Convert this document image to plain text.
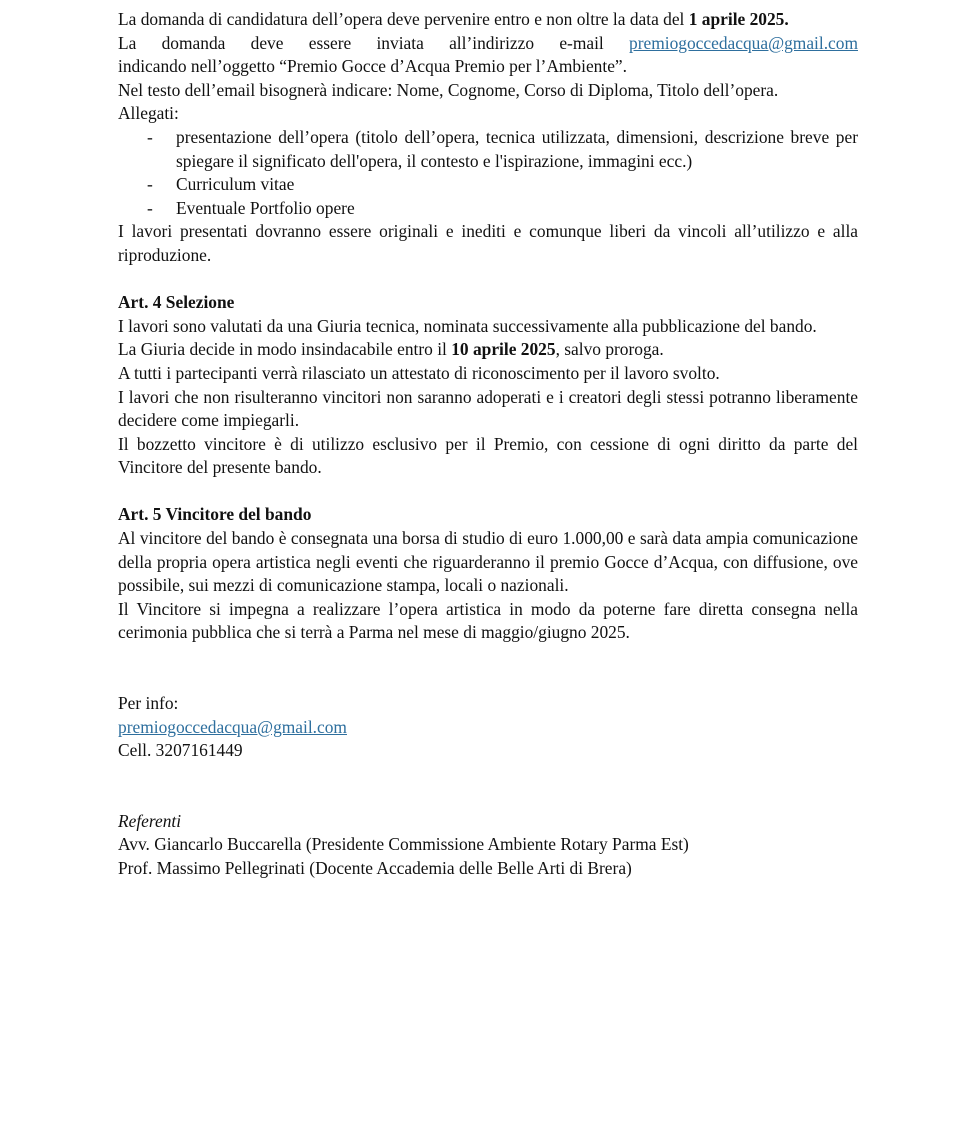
La domanda di candidatura dell’opera deve pervenire entro e non oltre la data del 1 aprile 2025.

La domanda deve essere inviata all’indirizzo e-mail premiogoccedacqua@gmail.com

indicando nell’oggetto “Premio Gocce d’Acqua Premio per l’Ambiente”.

Nel testo dell’email bisognerà indicare: Nome, Cognome, Corso di Diploma, Titolo dell’opera.

Allegati:

- presentazione dell’opera (titolo dell’opera, tecnica utilizzata, dimensioni, descrizione breve per spiegare il significato dell'opera, il contesto e l'ispirazione, immagini ecc.)
- Curriculum vitae
- Eventuale Portfolio opere

I lavori presentati dovranno essere originali e inediti e comunque liberi da vincoli all’utilizzo e alla riproduzione.

Art. 4 Selezione

I lavori sono valutati da una Giuria tecnica, nominata successivamente alla pubblicazione del bando.

La Giuria decide in modo insindacabile entro il 10 aprile 2025, salvo proroga.

A tutti i partecipanti verrà rilasciato un attestato di riconoscimento per il lavoro svolto.

I lavori che non risulteranno vincitori non saranno adoperati e i creatori degli stessi potranno liberamente decidere come impiegarli.

Il bozzetto vincitore è di utilizzo esclusivo per il Premio, con cessione di ogni diritto da parte del Vincitore del presente bando.

Art. 5 Vincitore del bando

Al vincitore del bando è consegnata una borsa di studio di euro 1.000,00 e sarà data ampia comunicazione della propria opera artistica negli eventi che riguarderanno il premio Gocce d’Acqua, con diffusione, ove possibile, sui mezzi di comunicazione stampa, locali o nazionali.

Il Vincitore si impegna a realizzare l’opera artistica in modo da poterne fare diretta consegna nella cerimonia pubblica che si terrà a Parma nel mese di maggio/giugno 2025.

Per info:

premiogoccedacqua@gmail.com

Cell. 3207161449

Referenti

Avv. Giancarlo Buccarella (Presidente Commissione Ambiente Rotary Parma Est)

Prof. Massimo Pellegrinati (Docente Accademia delle Belle Arti di Brera)
